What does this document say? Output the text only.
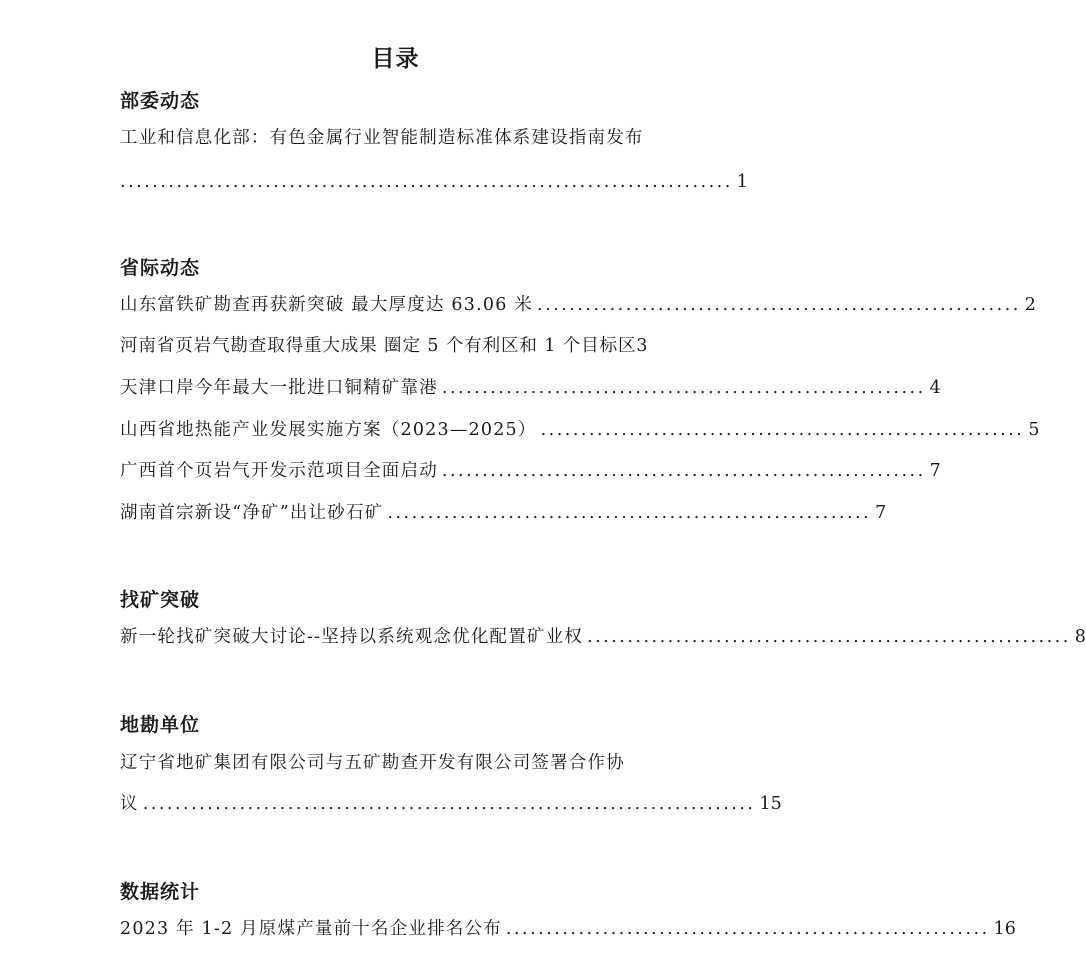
目录
部委动态
工业和信息化部：有色金属行业智能制造标准体系建设指南发布
............................................................................ 1
省际动态
山东富铁矿勘查再获新突破 最大厚度达 63.06 米 ............................................................ 2
河南省页岩气勘查取得重大成果 圈定 5 个有利区和 1 个目标区 3
天津口岸今年最大一批进口铜精矿靠港 ............................................................ 4
山西省地热能产业发展实施方案（2023—2025） ............................................................ 5
广西首个页岩气开发示范项目全面启动 ............................................................ 7
湖南首宗新设“净矿”出让砂石矿 ............................................................ 7
找矿突破
新一轮找矿突破大讨论--坚持以系统观念优化配置矿业权 ............................................................ 8
地勘单位
辽宁省地矿集团有限公司与五矿勘查开发有限公司签署合作协
议 ............................................................................ 15
数据统计
2023 年 1-2 月原煤产量前十名企业排名公布 ............................................................ 16
